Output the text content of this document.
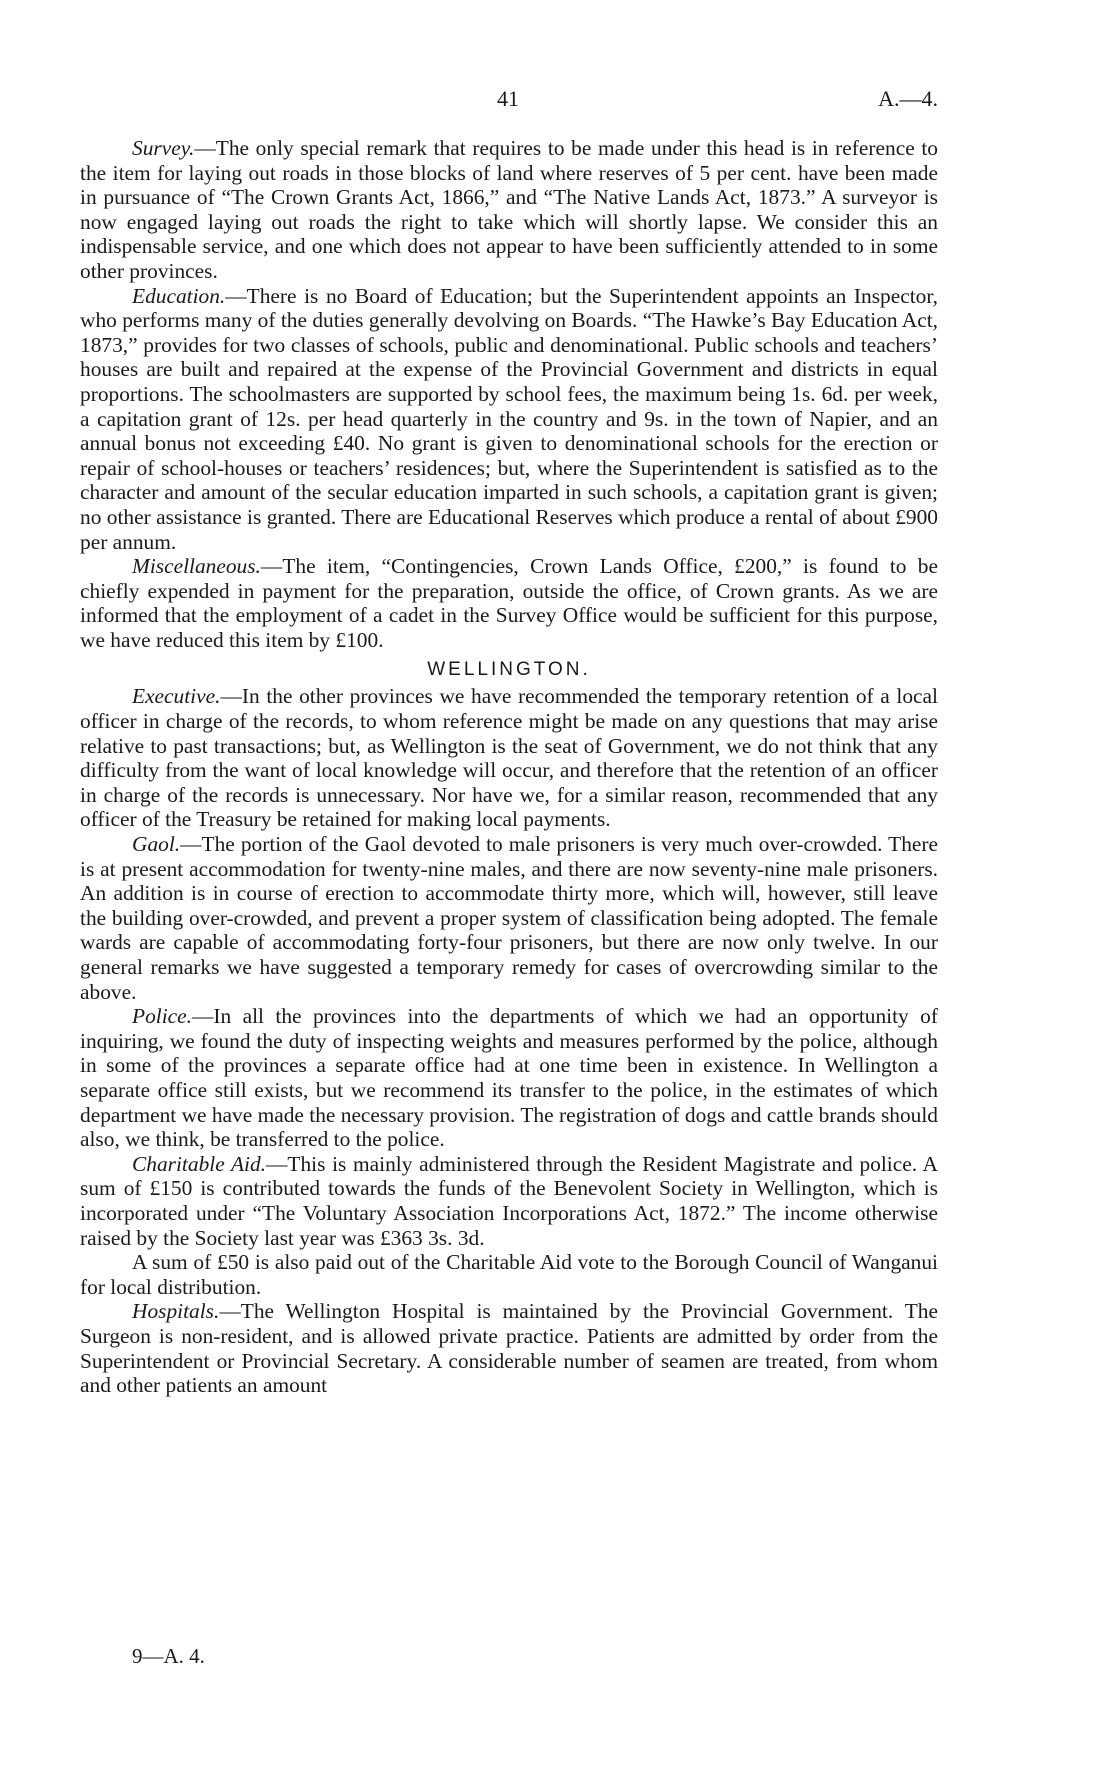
41	A.—4.

Survey.—The only special remark that requires to be made under this head is in reference to the item for laying out roads in those blocks of land where reserves of 5 per cent. have been made in pursuance of “The Crown Grants Act, 1866,” and “The Native Lands Act, 1873.” A surveyor is now engaged laying out roads the right to take which will shortly lapse. We consider this an indispensable service, and one which does not appear to have been sufficiently attended to in some other provinces.

Education.—There is no Board of Education; but the Superintendent appoints an Inspector, who performs many of the duties generally devolving on Boards. “The Hawke’s Bay Education Act, 1873,” provides for two classes of schools, public and denominational. Public schools and teachers’ houses are built and repaired at the expense of the Provincial Government and districts in equal proportions. The schoolmasters are supported by school fees, the maximum being 1s. 6d. per week, a capitation grant of 12s. per head quarterly in the country and 9s. in the town of Napier, and an annual bonus not exceeding £40. No grant is given to denominational schools for the erection or repair of school-houses or teachers’ residences; but, where the Superintendent is satisfied as to the character and amount of the secular education imparted in such schools, a capitation grant is given; no other assistance is granted. There are Educational Reserves which produce a rental of about £900 per annum.

Miscellaneous.—The item, “Contingencies, Crown Lands Office, £200,” is found to be chiefly expended in payment for the preparation, outside the office, of Crown grants. As we are informed that the employment of a cadet in the Survey Office would be sufficient for this purpose, we have reduced this item by £100.

WELLINGTON.

Executive.—In the other provinces we have recommended the temporary retention of a local officer in charge of the records, to whom reference might be made on any questions that may arise relative to past transactions; but, as Wellington is the seat of Government, we do not think that any difficulty from the want of local knowledge will occur, and therefore that the retention of an officer in charge of the records is unnecessary. Nor have we, for a similar reason, recommended that any officer of the Treasury be retained for making local payments.

Gaol.—The portion of the Gaol devoted to male prisoners is very much over-crowded. There is at present accommodation for twenty-nine males, and there are now seventy-nine male prisoners. An addition is in course of erection to accommodate thirty more, which will, however, still leave the building over-crowded, and prevent a proper system of classification being adopted. The female wards are capable of accommodating forty-four prisoners, but there are now only twelve. In our general remarks we have suggested a temporary remedy for cases of overcrowding similar to the above.

Police.—In all the provinces into the departments of which we had an opportunity of inquiring, we found the duty of inspecting weights and measures performed by the police, although in some of the provinces a separate office had at one time been in existence. In Wellington a separate office still exists, but we recommend its transfer to the police, in the estimates of which department we have made the necessary provision. The registration of dogs and cattle brands should also, we think, be transferred to the police.

Charitable Aid.—This is mainly administered through the Resident Magistrate and police. A sum of £150 is contributed towards the funds of the Benevolent Society in Wellington, which is incorporated under “The Voluntary Association Incorporations Act, 1872.” The income otherwise raised by the Society last year was £363 3s. 3d.

A sum of £50 is also paid out of the Charitable Aid vote to the Borough Council of Wanganui for local distribution.

Hospitals.—The Wellington Hospital is maintained by the Provincial Government. The Surgeon is non-resident, and is allowed private practice. Patients are admitted by order from the Superintendent or Provincial Secretary. A considerable number of seamen are treated, from whom and other patients an amount

9—A. 4.
